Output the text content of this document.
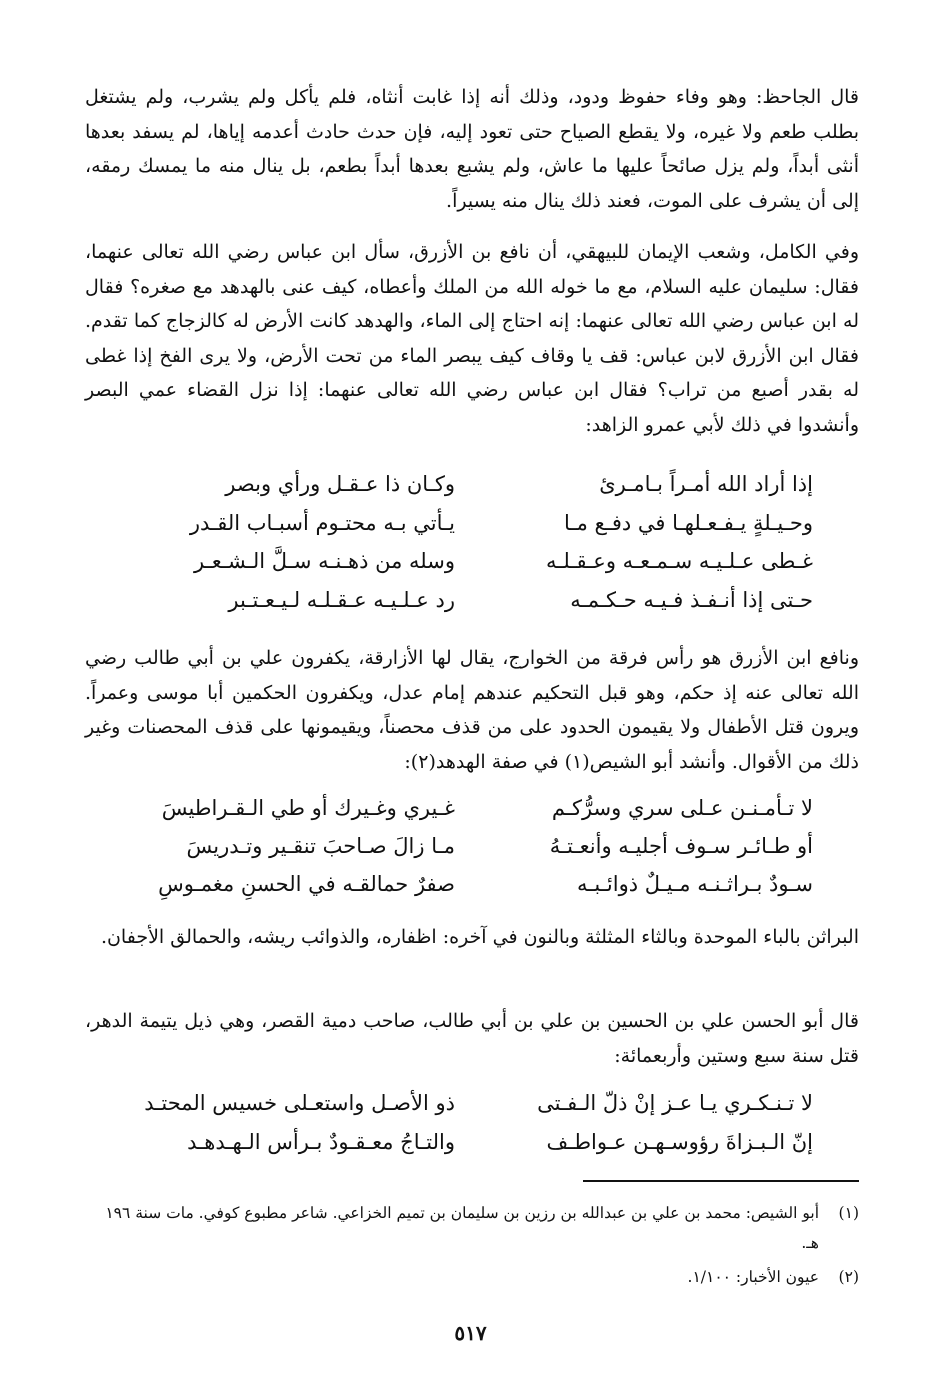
قال الجاحظ: وهو وفاء حفوظ ودود، وذلك أنه إذا غابت أنثاه، فلم يأكل ولم يشرب، ولم يشتغل بطلب طعم ولا غيره، ولا يقطع الصياح حتى تعود إليه، فإن حدث حادث أعدمه إياها، لم يسفد بعدها أنثى أبداً، ولم يزل صائحاً عليها ما عاش، ولم يشبع بعدها أبداً بطعم، بل ينال منه ما يمسك رمقه، إلى أن يشرف على الموت، فعند ذلك ينال منه يسيراً.
وفي الكامل، وشعب الإيمان للبيهقي، أن نافع بن الأزرق، سأل ابن عباس رضي الله تعالى عنهما، فقال: سليمان عليه السلام، مع ما خوله الله من الملك وأعطاه، كيف عنى بالهدهد مع صغره؟ فقال له ابن عباس رضي الله تعالى عنهما: إنه احتاج إلى الماء، والهدهد كانت الأرض له كالزجاج كما تقدم. فقال ابن الأزرق لابن عباس: قف يا وقاف كيف يبصر الماء من تحت الأرض، ولا يرى الفخ إذا غطى له بقدر أصبع من تراب؟ فقال ابن عباس رضي الله تعالى عنهما: إذا نزل القضاء عمي البصر وأنشدوا في ذلك لأبي عمرو الزاهد:
إذا أراد الله أمـراً بـامـرئ
وكـان ذا عـقـل ورأي وبصر
وحـيـلةٍ يـفـعـلهـا في دفـع مـا
يـأتي بـه محتـوم أسبـاب القـدر
غـطى عـلـيـه سـمـعـه وعـقـلـه
وسله من ذهـنـه سـلَّ الـشـعـر
حـتى إذا أنـفـذ فـيـه حـكـمـه
رد عـلـيـه عـقـلـه لـيـعـتـبر
ونافع ابن الأزرق هو رأس فرقة من الخوارج، يقال لها الأزارقة، يكفرون علي بن أبي طالب رضي الله تعالى عنه إذ حكم، وهو قبل التحكيم عندهم إمام عدل، ويكفرون الحكمين أبا موسى وعمراً. ويرون قتل الأطفال ولا يقيمون الحدود على من قذف محصناً، ويقيمونها على قذف المحصنات وغير ذلك من الأقوال. وأنشد أبو الشيص(١) في صفة الهدهد(٢):
لا تـأمـنـن عـلى سري وسرُّكـم
غـيري وغـيرك أو طي الـقـراطيسَ
أو طـائـر سـوف أجليـه وأنعـتـهُ
مـا زالَ صـاحبَ تنقـير وتـدريسَ
سـودٌ بـراثـنـه مـيـلٌ ذوائـبـه
صفرٌ حمالقـه في الحسنِ مغمـوسِ
البراثن بالباء الموحدة وبالثاء المثلثة وبالنون في آخره: اظفاره، والذوائب ريشه، والحمالق الأجفان.
قال أبو الحسن علي بن الحسين بن علي بن أبي طالب، صاحب دمية القصر، وهي ذيل يتيمة الدهر، قتل سنة سبع وستين وأربعمائة:
لا تـنـكـري يـا عـز إنْ ذلّ الـفـتى
ذو الأصـل واستعـلى خسيس المحتـد
إنّ الـبـزاةَ رؤوسـهـن عـواطـف
والتـاجُ معـقـودٌ بـرأس الـهـدهـد
(١)
أبو الشيص: محمد بن علي بن عبدالله بن رزين بن سليمان بن تميم الخزاعي. شاعر مطبوع كوفي. مات سنة ١٩٦ هـ.
(٢)
عيون الأخبار: ١/١٠٠.
٥١٧
